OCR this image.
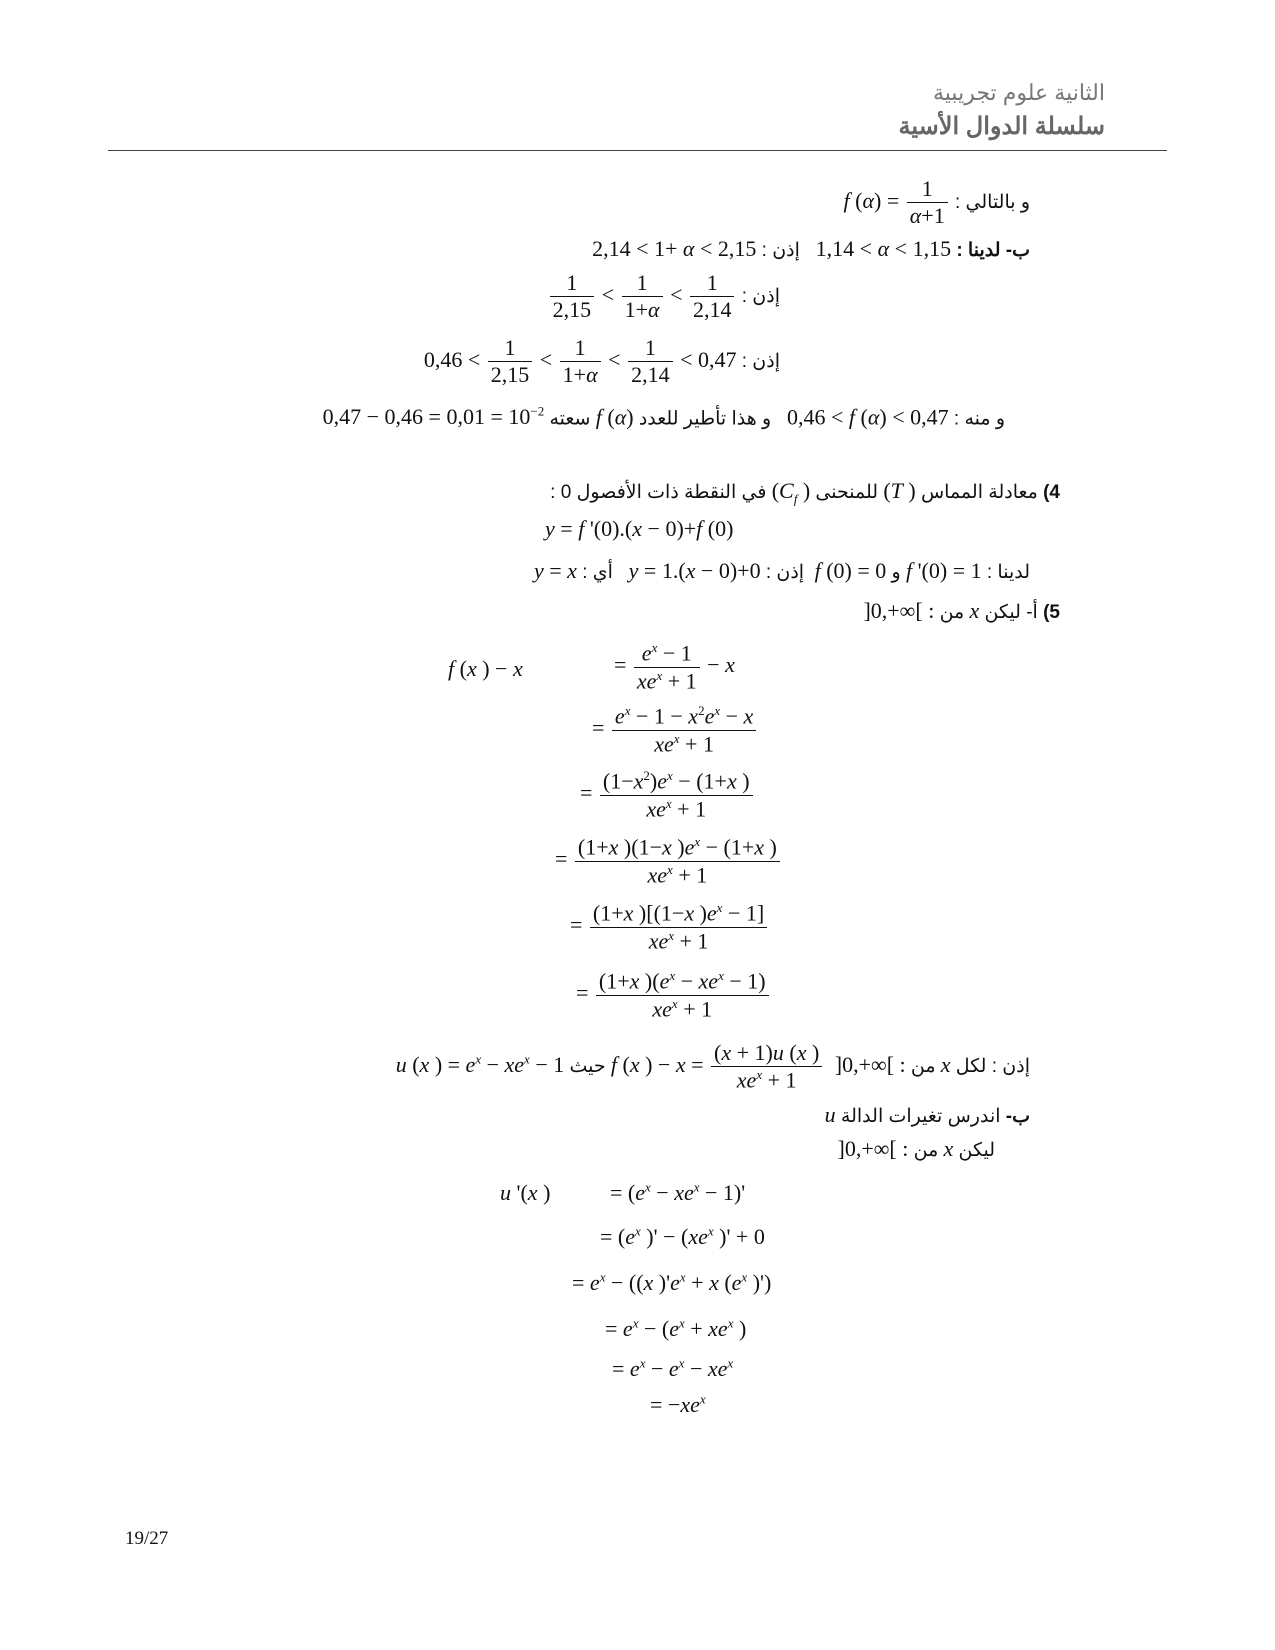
الثانية علوم تجريبية
سلسلة الدوال الأسية
و بالتالي : f $(\alpha) = \frac{1}{\alpha+1}$
ب- لدينا : 1,14 < α < 1,15   إذن : 2,14 < 1+ α < 2,15
إذن :
$\frac{1}{2,15} < \frac{1}{1+\alpha} < \frac{1}{2,14}$
إذن : $0,46 < \frac{1}{2,15} < \frac{1}{1+\alpha} < \frac{1}{2,14} < 0,47$
و منه : 0,46 < f (α) < 0,47   و هذا تأطير للعدد f (α) سعته $0,47 - 0,46 = 0,01 = 10^{-2}$
4) معادلة المماس (T ) للمنحنى ($C_f$ ) في النقطة ذات الأفصول 0 :
y = f '(0).(x − 0)+f (0)
لدينا : f '(0) = 1 و f (0) = 0  إذن : y = 1.(x − 0)+0   أي : y = x
5) أ- ليكن x من ]0,+∞[ :
f (x ) − x	= $\frac{e^x - 1}{xe^x + 1} - x$
= $\frac{e^x - 1 - x^2e^x - x}{xe^x + 1}$
= $\frac{(1-x^2)e^x - (1+x )}{xe^x + 1}$
= $\frac{(1+x )(1-x )e^x - (1+x )}{xe^x + 1}$
= $\frac{(1+x )[(1-x )e^x - 1]}{xe^x + 1}$
= $\frac{(1+x )(e^x - xe^x - 1)}{xe^x + 1}$
إذن : لكل x من ]0,+∞[ :  f (x ) − $x = \frac{(x + 1)u (x )}{xe^x + 1}$
حيث u (x ) = $e^x - xe^x - 1$
ب- اندرس تغيرات الدالة u
ليكن x من ]0,+∞[ :
u '(x )	= $(e^x - xe^x - 1)'$
= ($e^x$ )' − ($xe^x$ )' + 0
= $e^x - ((x$ )'$e^x + x$ ($e^x$ )')
= $e^x - (e^x + xe^x$ )
= $e^x - e^x - xe^x$
= $-xe^x$
19/27
